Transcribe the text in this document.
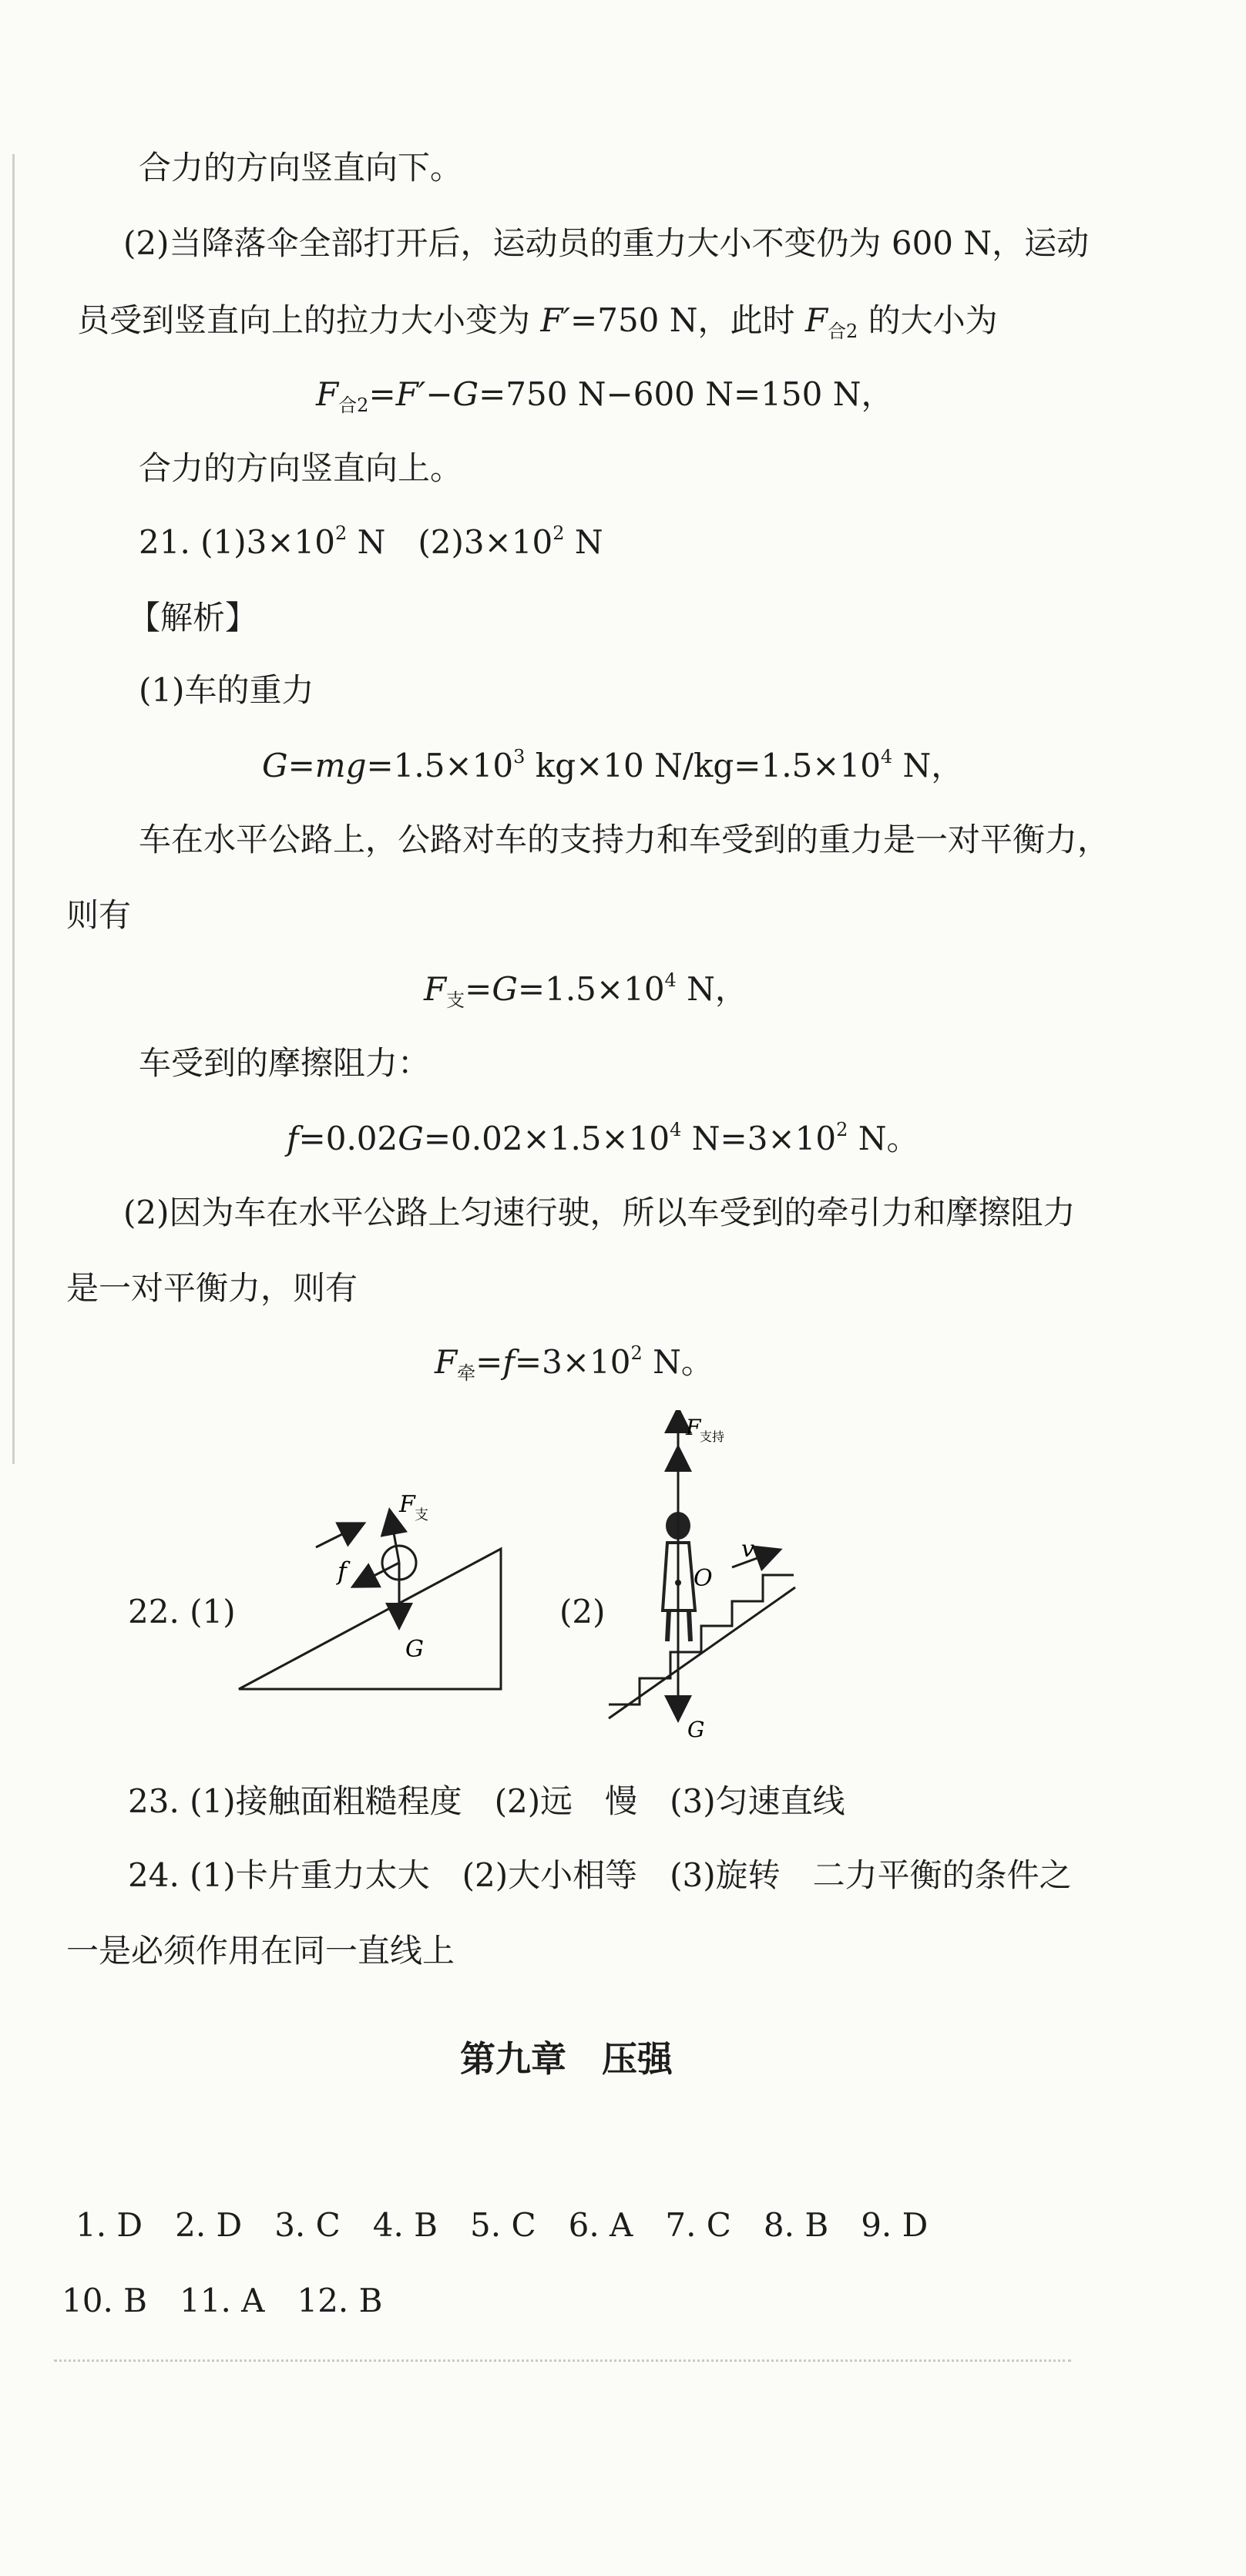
合力的方向竖直向下。
(2)当降落伞全部打开后，运动员的重力大小不变仍为 600 N，运动
员受到竖直向上的拉力大小变为 F′=750 N，此时 $F_{合2}$ 的大小为
$F_{合2}=F'-G=750$ N−600 N=150 N，
合力的方向竖直向上。
21. $(1)3\times 10^2$ N　$(2)3\times 10^2$ N
【解析】
(1)车的重力
$G=mg=1.5\times 10^3$ kg×10 $N/kg=1.5\times 10^4$ N，
车在水平公路上，公路对车的支持力和车受到的重力是一对平衡力，
则有
$F_支=G=1.5\times 10^4$ N，
车受到的摩擦阻力：
$f=0.02G=0.02\times 1.5\times 10^4$ $N=3\times 10^2$ N。
(2)因为车在水平公路上匀速行驶，所以车受到的牵引力和摩擦阻力
是一对平衡力，则有
$F_牵=f=3\times 10^2$ N。
22. (1)	(2)
F 支
f
G
v
F
支持
O
G
23. (1)接触面粗糙程度　(2)远　慢　(3)匀速直线
24. (1)卡片重力太大　(2)大小相等　(3)旋转　二力平衡的条件之
一是必须作用在同一直线上
第九章　压强
1. D　2. D　3. C　4. B　5. C　6. A　7. C　8. B　9. D
10. B　11. A　12. B
